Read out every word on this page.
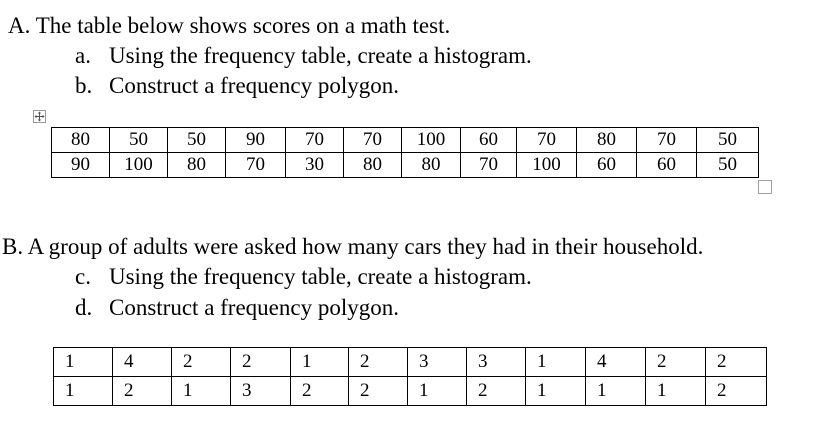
A. The table below shows scores on a math test.
a. Using the frequency table, create a histogram.
b. Construct a frequency polygon.
80	50	50	90	70	70	100	60	70	80	70	50
90	100	80	70	30	80	80	70	100	60	60	50
B. A group of adults were asked how many cars they had in their household.
c. Using the frequency table, create a histogram.
d. Construct a frequency polygon.
1	4	2	2	1	2	3	3	1	4	2	2
1	2	1	3	2	2	1	2	1	1	1	2
